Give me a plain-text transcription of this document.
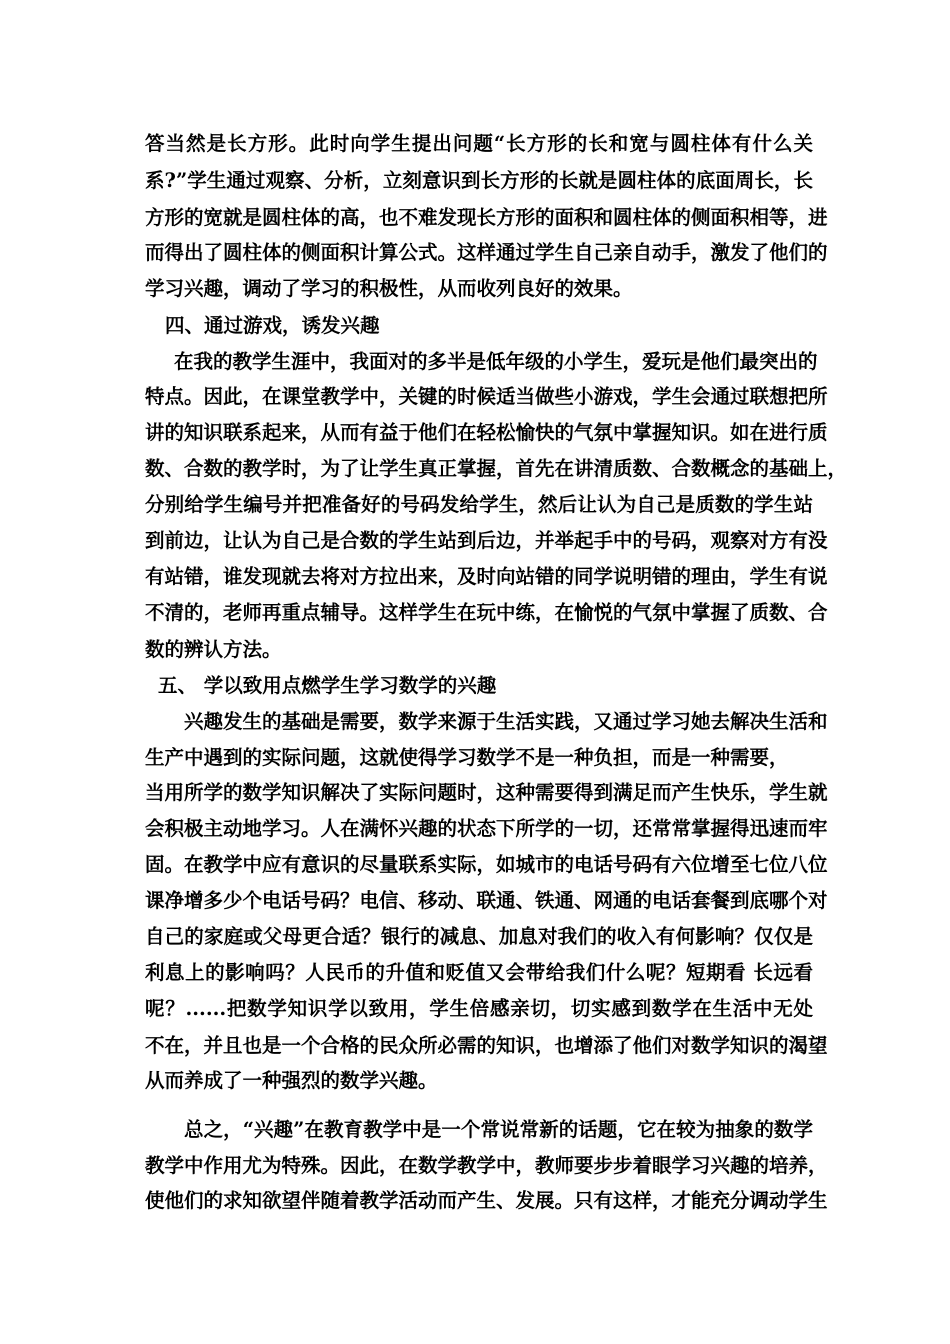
答当然是长方形。此时向学生提出问题“长方形的长和宽与圆柱体有什么关
系?”学生通过观察、分析，立刻意识到长方形的长就是圆柱体的底面周长，长
方形的宽就是圆柱体的高，也不难发现长方形的面积和圆柱体的侧面积相等，进
而得出了圆柱体的侧面积计算公式。这样通过学生自己亲自动手，激发了他们的
学习兴趣，调动了学习的积极性，从而收列良好的效果。
四、通过游戏，诱发兴趣
在我的教学生涯中，我面对的多半是低年级的小学生，爱玩是他们最突出的
特点。因此，在课堂教学中，关键的时候适当做些小游戏，学生会通过联想把所
讲的知识联系起来，从而有益于他们在轻松愉快的气氛中掌握知识。如在进行质
数、合数的教学时，为了让学生真正掌握，首先在讲清质数、合数概念的基础上，
分别给学生编号并把准备好的号码发给学生，然后让认为自己是质数的学生站
到前边，让认为自己是合数的学生站到后边，并举起手中的号码，观察对方有没
有站错，谁发现就去将对方拉出来，及时向站错的同学说明错的理由，学生有说
不清的，老师再重点辅导。这样学生在玩中练，在愉悦的气氛中掌握了质数、合
数的辨认方法。
五、 学以致用点燃学生学习数学的兴趣
兴趣发生的基础是需要，数学来源于生活实践，又通过学习她去解决生活和
生产中遇到的实际问题，这就使得学习数学不是一种负担，而是一种需要，
当用所学的数学知识解决了实际问题时，这种需要得到满足而产生快乐，学生就
会积极主动地学习。人在满怀兴趣的状态下所学的一切，还常常掌握得迅速而牢
固。在教学中应有意识的尽量联系实际，如城市的电话号码有六位增至七位八位
课净增多少个电话号码？电信、移动、联通、铁通、网通的电话套餐到底哪个对
自己的家庭或父母更合适？银行的减息、加息对我们的收入有何影响？仅仅是
利息上的影响吗？人民币的升值和贬值又会带给我们什么呢？短期看 长远看
呢？......把数学知识学以致用，学生倍感亲切，切实感到数学在生活中无处
不在，并且也是一个合格的民众所必需的知识，也增添了他们对数学知识的渴望
从而养成了一种强烈的数学兴趣。
总之，“兴趣”在教育教学中是一个常说常新的话题，它在较为抽象的数学
教学中作用尤为特殊。因此，在数学教学中，教师要步步着眼学习兴趣的培养，
使他们的求知欲望伴随着教学活动而产生、发展。只有这样，才能充分调动学生
